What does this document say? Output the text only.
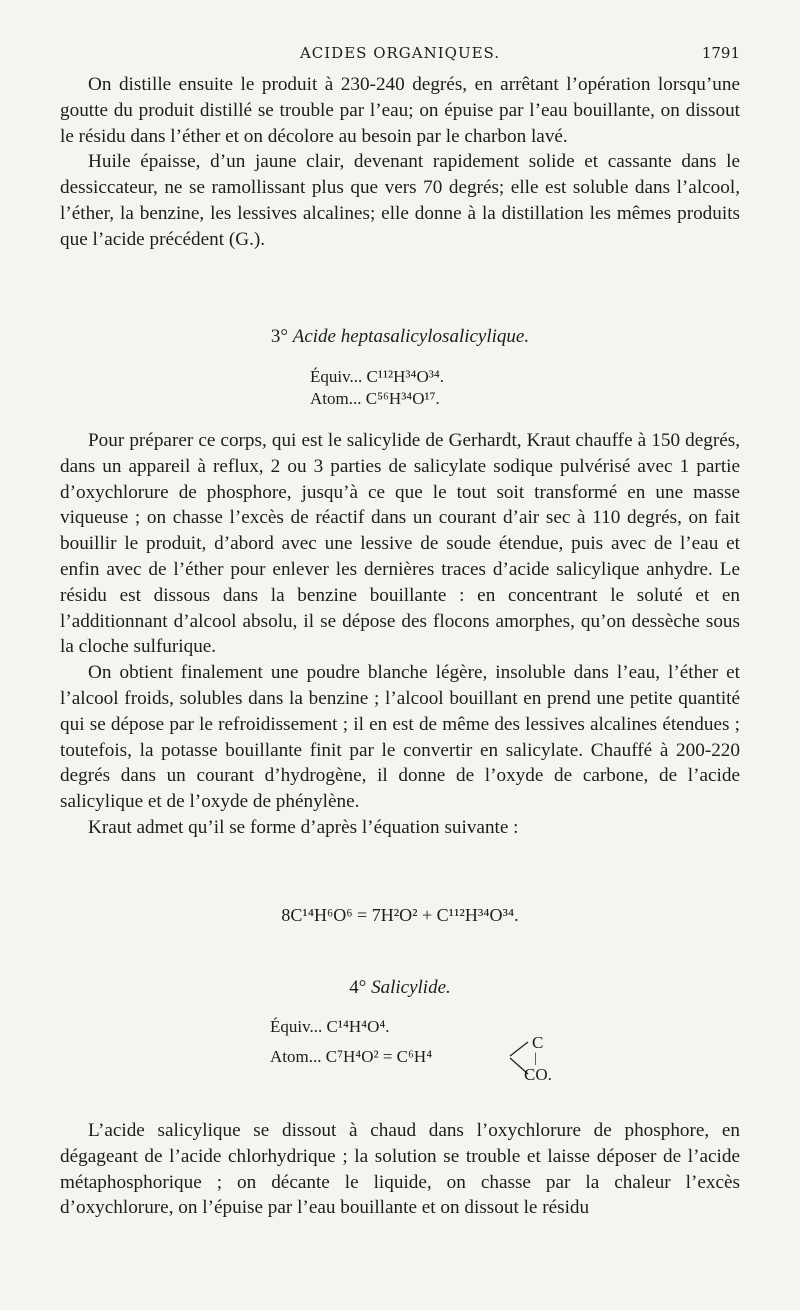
ACIDES ORGANIQUES.	1791

On distille ensuite le produit à 230-240 degrés, en arrêtant l’opération lorsqu’une goutte du produit distillé se trouble par l’eau; on épuise par l’eau bouillante, on dissout le résidu dans l’éther et on décolore au besoin par le charbon lavé.

Huile épaisse, d’un jaune clair, devenant rapidement solide et cassante dans le dessiccateur, ne se ramollissant plus que vers 70 degrés; elle est soluble dans l’alcool, l’éther, la benzine, les lessives alcalines; elle donne à la distillation les mêmes produits que l’acide précédent (G.).

3° Acide heptasalicylosalicylique.
Équiv... C¹¹²H³⁴O³⁴.
Atom... C⁵⁶H³⁴O¹⁷.

Pour préparer ce corps, qui est le salicylide de Gerhardt, Kraut chauffe à 150 degrés, dans un appareil à reflux, 2 ou 3 parties de salicylate sodique pulvérisé avec 1 partie d’oxychlorure de phosphore, jusqu’à ce que le tout soit transformé en une masse viqueuse ; on chasse l’excès de réactif dans un courant d’air sec à 110 degrés, on fait bouillir le produit, d’abord avec une lessive de soude étendue, puis avec de l’eau et enfin avec de l’éther pour enlever les dernières traces d’acide salicylique anhydre. Le résidu est dissous dans la benzine bouillante : en concentrant le soluté et en l’additionnant d’alcool absolu, il se dépose des flocons amorphes, qu’on dessèche sous la cloche sulfurique.

On obtient finalement une poudre blanche légère, insoluble dans l’eau, l’éther et l’alcool froids, solubles dans la benzine ; l’alcool bouillant en prend une petite quantité qui se dépose par le refroidissement ; il en est de même des lessives alcalines étendues ; toutefois, la potasse bouillante finit par le convertir en salicylate. Chauffé à 200-220 degrés dans un courant d’hydrogène, il donne de l’oxyde de carbone, de l’acide salicylique et de l’oxyde de phénylène.

Kraut admet qu’il se forme d’après l’équation suivante :

8C¹⁴H⁶O⁶ = 7H²O² + C¹¹²H³⁴O³⁴.
4° Salicylide.
Équiv... C¹⁴H⁴O⁴.
Atom... C⁷H⁴O² = C⁶H⁴
C
|
CO.

L’acide salicylique se dissout à chaud dans l’oxychlorure de phosphore, en dégageant de l’acide chlorhydrique ; la solution se trouble et laisse déposer de l’acide métaphosphorique ; on décante le liquide, on chasse par la chaleur l’excès d’oxychlorure, on l’épuise par l’eau bouillante et on dissout le résidu
